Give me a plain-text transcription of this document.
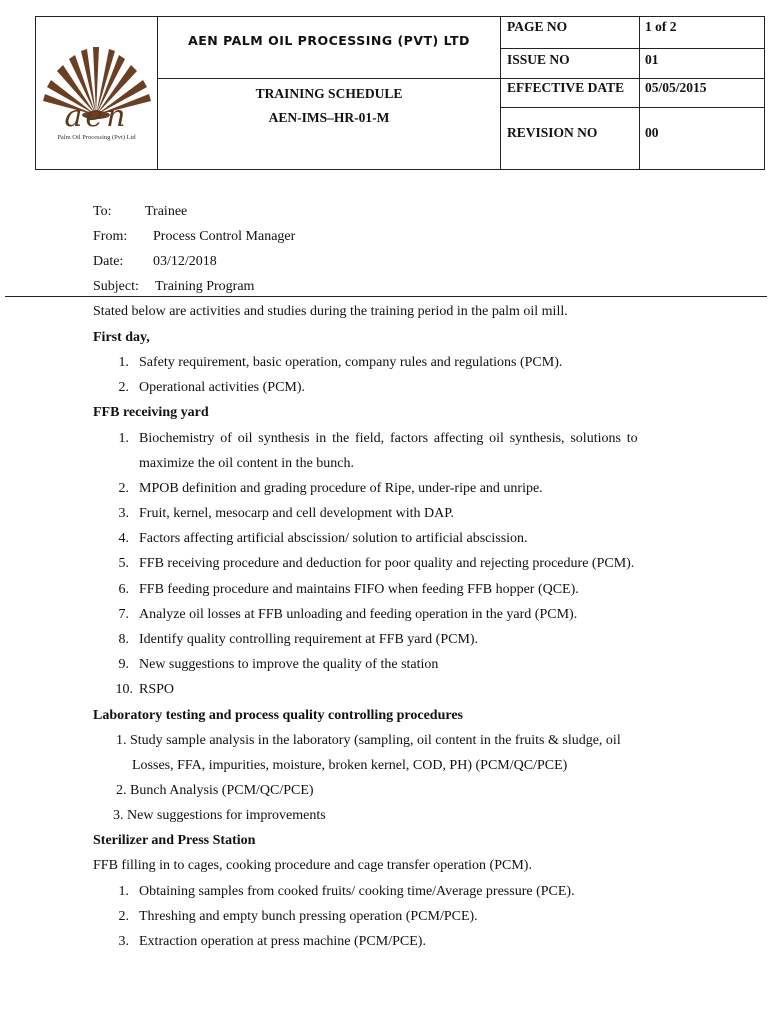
aen
Palm Oil Processing (Pvt) Ltd
AEN PALM OIL PROCESSING (PVT) LTD
TRAINING SCHEDULE
AEN-IMS–HR-01-M
PAGE NO	1 of 2
ISSUE NO	01
EFFECTIVE DATE 05/05/2015
REVISION NO	00
To: Trainee
From: Process Control Manager
Date: 03/12/2018
Subject: Training Program
Stated below are activities and studies during the training period in the palm oil mill.
First day,
1. Safety requirement, basic operation, company rules and regulations (PCM).
2. Operational activities (PCM).
FFB receiving yard
1. Biochemistry of oil synthesis in the field, factors affecting oil synthesis, solutions to
maximize the oil content in the bunch.
2. MPOB definition and grading procedure of Ripe, under-ripe and unripe.
3. Fruit, kernel, mesocarp and cell development with DAP.
4. Factors affecting artificial abscission/ solution to artificial abscission.
5. FFB receiving procedure and deduction for poor quality and rejecting procedure (PCM).
6. FFB feeding procedure and maintains FIFO when feeding FFB hopper (QCE).
7. Analyze oil losses at FFB unloading and feeding operation in the yard (PCM).
8. Identify quality controlling requirement at FFB yard (PCM).
9. New suggestions to improve the quality of the station
10. RSPO
Laboratory testing and process quality controlling procedures
1. Study sample analysis in the laboratory (sampling, oil content in the fruits & sludge, oil
Losses, FFA, impurities, moisture, broken kernel, COD, PH) (PCM/QC/PCE)
2. Bunch Analysis (PCM/QC/PCE)
3. New suggestions for improvements
Sterilizer and Press Station
FFB filling in to cages, cooking procedure and cage transfer operation (PCM).
1. Obtaining samples from cooked fruits/ cooking time/Average pressure (PCE).
2. Threshing and empty bunch pressing operation (PCM/PCE).
3. Extraction operation at press machine (PCM/PCE).
